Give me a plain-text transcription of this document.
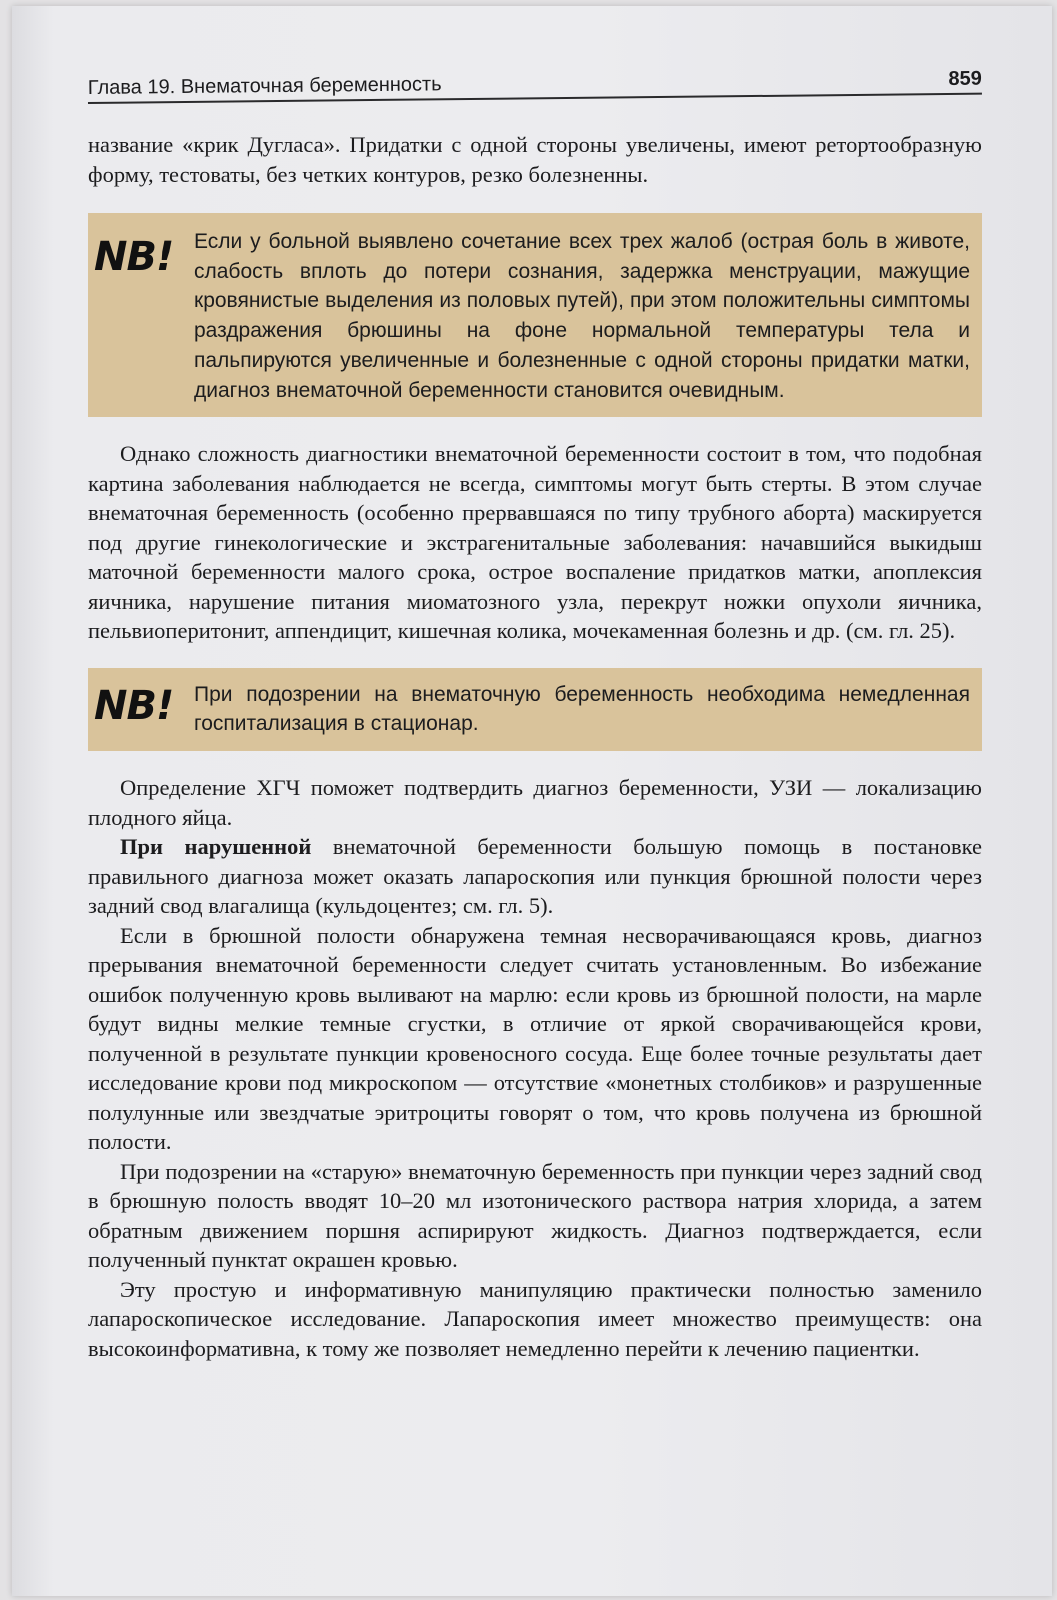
Глава 19. Внематочная беременность	859

название «крик Дугласа». Придатки с одной стороны увеличены, имеют ретортообразную форму, тестоваты, без четких контуров, резко болезненны.

NB! Если у больной выявлено сочетание всех трех жалоб (острая боль в животе, слабость вплоть до потери сознания, задержка менструации, мажущие кровянистые выделения из половых путей), при этом положительны симптомы раздражения брюшины на фоне нормальной температуры тела и пальпируются увеличенные и болезненные с одной стороны придатки матки, диагноз внематочной беременности становится очевидным.

Однако сложность диагностики внематочной беременности состоит в том, что подобная картина заболевания наблюдается не всегда, симптомы могут быть стерты. В этом случае внематочная беременность (особенно прервавшаяся по типу трубного аборта) маскируется под другие гинекологические и экстрагенитальные заболевания: начавшийся выкидыш маточной беременности малого срока, острое воспаление придатков матки, апоплексия яичника, нарушение питания миоматозного узла, перекрут ножки опухоли яичника, пельвиоперитонит, аппендицит, кишечная колика, мочекаменная болезнь и др. (см. гл. 25).

NB! При подозрении на внематочную беременность необходима немедленная госпитализация в стационар.

Определение ХГЧ поможет подтвердить диагноз беременности, УЗИ — локализацию плодного яйца.

При нарушенной внематочной беременности большую помощь в постановке правильного диагноза может оказать лапароскопия или пункция брюшной полости через задний свод влагалища (кульдоцентез; см. гл. 5).

Если в брюшной полости обнаружена темная несворачивающаяся кровь, диагноз прерывания внематочной беременности следует считать установленным. Во избежание ошибок полученную кровь выливают на марлю: если кровь из брюшной полости, на марле будут видны мелкие темные сгустки, в отличие от яркой сворачивающейся крови, полученной в результате пункции кровеносного сосуда. Еще более точные результаты дает исследование крови под микроскопом — отсутствие «монетных столбиков» и разрушенные полулунные или звездчатые эритроциты говорят о том, что кровь получена из брюшной полости.

При подозрении на «старую» внематочную беременность при пункции через задний свод в брюшную полость вводят 10–20 мл изотонического раствора натрия хлорида, а затем обратным движением поршня аспирируют жидкость. Диагноз подтверждается, если полученный пунктат окрашен кровью.

Эту простую и информативную манипуляцию практически полностью заменило лапароскопическое исследование. Лапароскопия имеет множество преимуществ: она высокоинформативна, к тому же позволяет немедленно перейти к лечению пациентки.
